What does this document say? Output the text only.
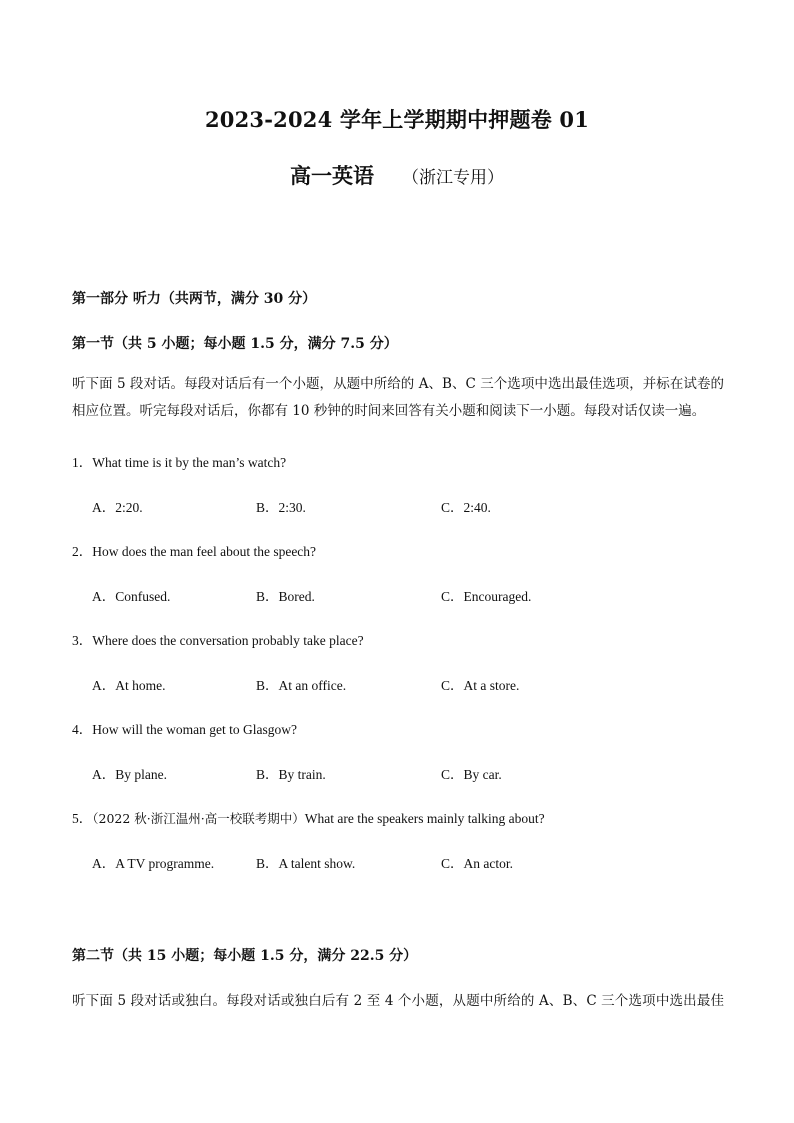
2023-2024 学年上学期期中押题卷 01
高一英语 （浙江专用）
第一部分 听力（共两节，满分 30 分）
第一节（共 5 小题；每小题 1.5 分，满分 7.5 分）
听下面 5 段对话。每段对话后有一个小题，从题中所给的 A、B、C 三个选项中选出最佳选项，并标在试卷的相应位置。听完每段对话后，你都有 10 秒钟的时间来回答有关小题和阅读下一小题。每段对话仅读一遍。
1．What time is it by the man’s watch?
A．2:20.	B．2:30.	C．2:40.
2．How does the man feel about the speech?
A．Confused.	B．Bored.	C．Encouraged.
3．Where does the conversation probably take place?
A．At home.	B．At an office.	C．At a store.
4．How will the woman get to Glasgow?
A．By plane.	B．By train.	C．By car.
5．（2022 秋·浙江温州·高一校联考期中）What are the speakers mainly talking about?
A．A TV programme.	B．A talent show.	C．An actor.
第二节（共 15 小题；每小题 1.5 分，满分 22.5 分）
听下面 5 段对话或独白。每段对话或独白后有 2 至 4 个小题，从题中所给的 A、B、C 三个选项中选出最佳
